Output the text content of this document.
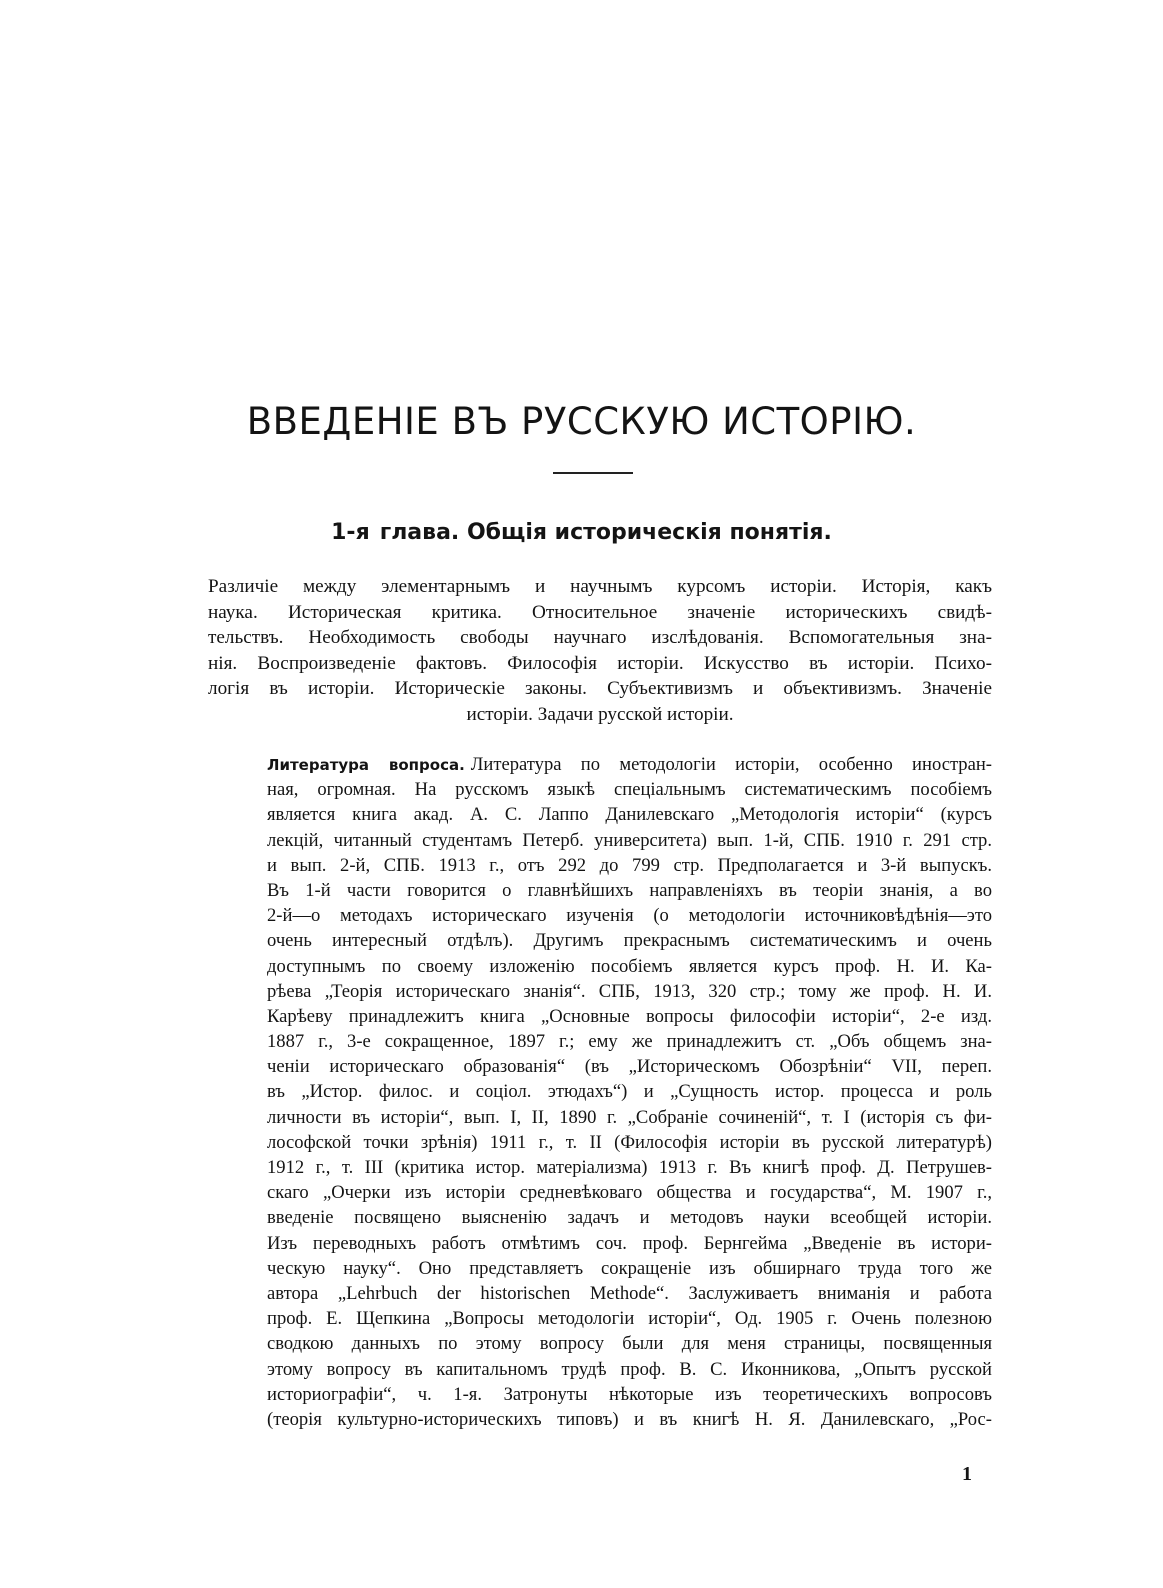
ВВЕДЕНІЕ ВЪ РУССКУЮ ИСТОРІЮ.
1-я глава. Общія историческія понятія.
Различіе между элементарнымъ и научнымъ курсомъ исторіи. Исторія, какъ
наука. Историческая критика. Относительное значеніе историческихъ свидѣ-
тельствъ. Необходимость свободы научнаго изслѣдованія. Вспомогательныя зна-
нія. Воспроизведеніе фактовъ. Философія исторіи. Искусство въ исторіи. Психо-
логія въ исторіи. Историческіе законы. Субъективизмъ и объективизмъ. Значеніе
исторіи. Задачи русской исторіи.
Литература вопроса. Литература по методологіи исторіи, особенно иностран-
ная, огромная. На русскомъ языкѣ спеціальнымъ систематическимъ пособіемъ
является книга акад. А. С. Лаппо Данилевскаго „Методологія исторіи“ (курсъ
лекцій, читанный студентамъ Петерб. университета) вып. 1-й, СПБ. 1910 г. 291 стр.
и вып. 2-й, СПБ. 1913 г., отъ 292 до 799 стр. Предполагается и 3-й выпускъ.
Въ 1-й части говорится о главнѣйшихъ направленіяхъ въ теоріи знанія, а во
2-й—о методахъ историческаго изученія (о методологіи источниковѣдѣнія—это
очень интересный отдѣлъ). Другимъ прекраснымъ систематическимъ и очень
доступнымъ по своему изложенію пособіемъ является курсъ проф. Н. И. Ка-
рѣева „Теорія историческаго знанія“. СПБ, 1913, 320 стр.; тому же проф. Н. И.
Карѣеву принадлежитъ книга „Основные вопросы философіи исторіи“, 2-е изд.
1887 г., 3-е сокращенное, 1897 г.; ему же принадлежитъ ст. „Объ общемъ зна-
ченіи историческаго образованія“ (въ „Историческомъ Обозрѣніи“ VII, переп.
въ „Истор. филос. и соціол. этюдахъ“) и „Сущность истор. процесса и роль
личности въ исторіи“, вып. I, II, 1890 г. „Собраніе сочиненій“, т. I (исторія съ фи-
лософской точки зрѣнія) 1911 г., т. II (Философія исторіи въ русской литературѣ)
1912 г., т. III (критика истор. матеріализма) 1913 г. Въ книгѣ проф. Д. Петрушев-
скаго „Очерки изъ исторіи средневѣковаго общества и государства“, М. 1907 г.,
введеніе посвящено выясненію задачъ и методовъ науки всеобщей исторіи.
Изъ переводныхъ работъ отмѣтимъ соч. проф. Бернгейма „Введеніе въ истори-
ческую науку“. Оно представляетъ сокращеніе изъ обширнаго труда того же
автора „Lehrbuch der historischen Methode“. Заслуживаетъ вниманія и работа
проф. Е. Щепкина „Вопросы методологіи исторіи“, Од. 1905 г. Очень полезною
сводкою данныхъ по этому вопросу были для меня страницы, посвященныя
этому вопросу въ капитальномъ трудѣ проф. В. С. Иконникова, „Опытъ русской
историографіи“, ч. 1-я. Затронуты нѣкоторые изъ теоретическихъ вопросовъ
(теорія культурно-историческихъ типовъ) и въ книгѣ Н. Я. Данилевскаго, „Рос-
1
